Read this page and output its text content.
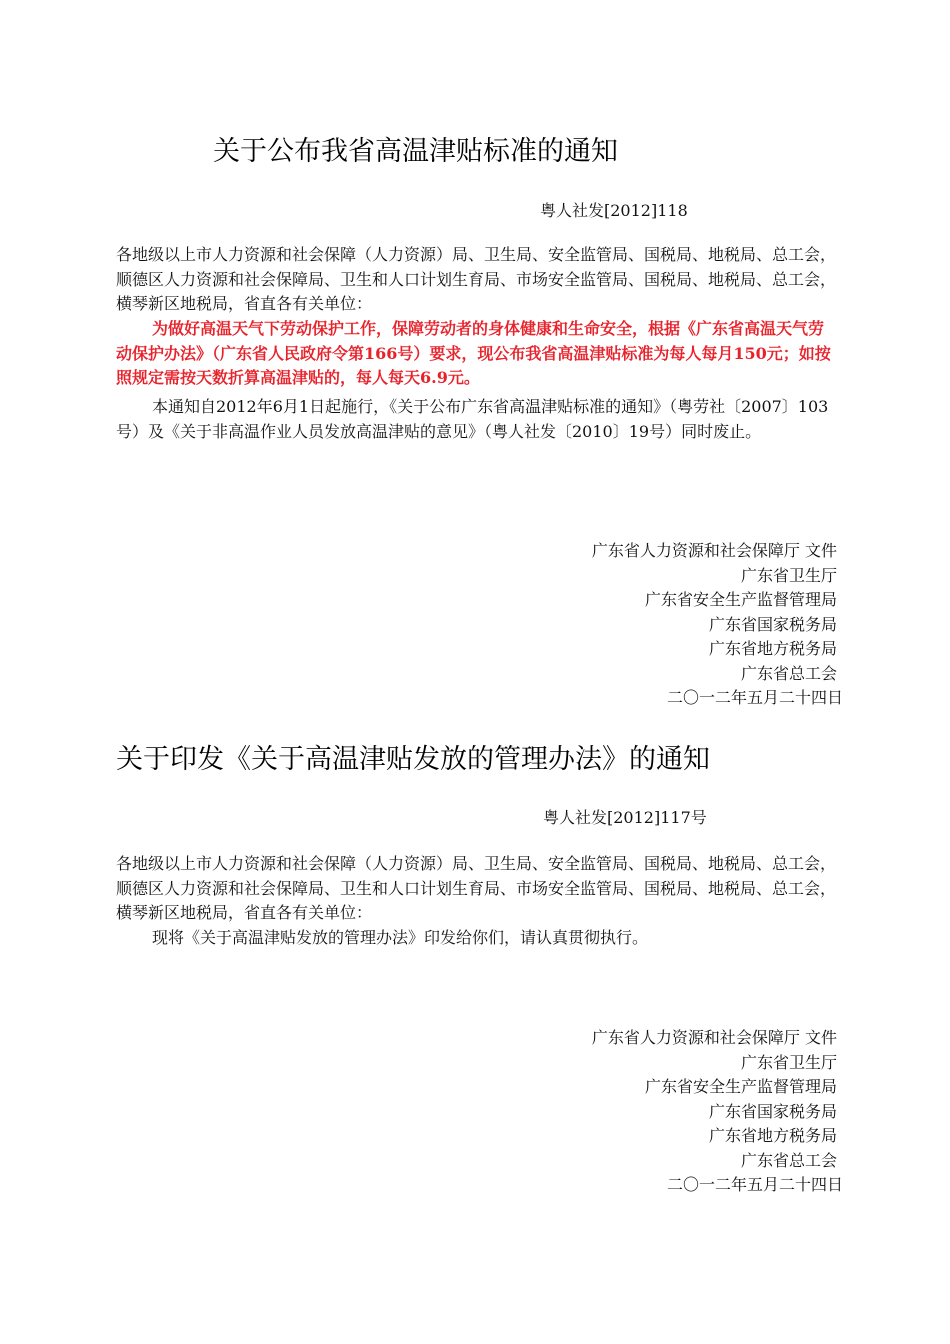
关于公布我省高温津贴标准的通知
粤人社发[2012]118

各地级以上市人力资源和社会保障（人力资源）局、卫生局、安全监管局、国税局、地税局、总工会，顺德区人力资源和社会保障局、卫生和人口计划生育局、市场安全监管局、国税局、地税局、总工会，横琴新区地税局，省直各有关单位：

为做好高温天气下劳动保护工作，保障劳动者的身体健康和生命安全，根据《广东省高温天气劳动保护办法》（广东省人民政府令第166号）要求，现公布我省高温津贴标准为每人每月150元；如按照规定需按天数折算高温津贴的，每人每天6.9元。

本通知自2012年6月1日起施行，《关于公布广东省高温津贴标准的通知》（粤劳社〔2007〕103号）及《关于非高温作业人员发放高温津贴的意见》（粤人社发〔2010〕19号）同时废止。

广东省人力资源和社会保障厅 文件
广东省卫生厅
广东省安全生产监督管理局
广东省国家税务局
广东省地方税务局
广东省总工会
二〇一二年五月二十四日
关于印发《关于高温津贴发放的管理办法》的通知
粤人社发[2012]117号

各地级以上市人力资源和社会保障（人力资源）局、卫生局、安全监管局、国税局、地税局、总工会，顺德区人力资源和社会保障局、卫生和人口计划生育局、市场安全监管局、国税局、地税局、总工会，横琴新区地税局，省直各有关单位：

现将《关于高温津贴发放的管理办法》印发给你们，请认真贯彻执行。

广东省人力资源和社会保障厅 文件
广东省卫生厅
广东省安全生产监督管理局
广东省国家税务局
广东省地方税务局
广东省总工会
二〇一二年五月二十四日
